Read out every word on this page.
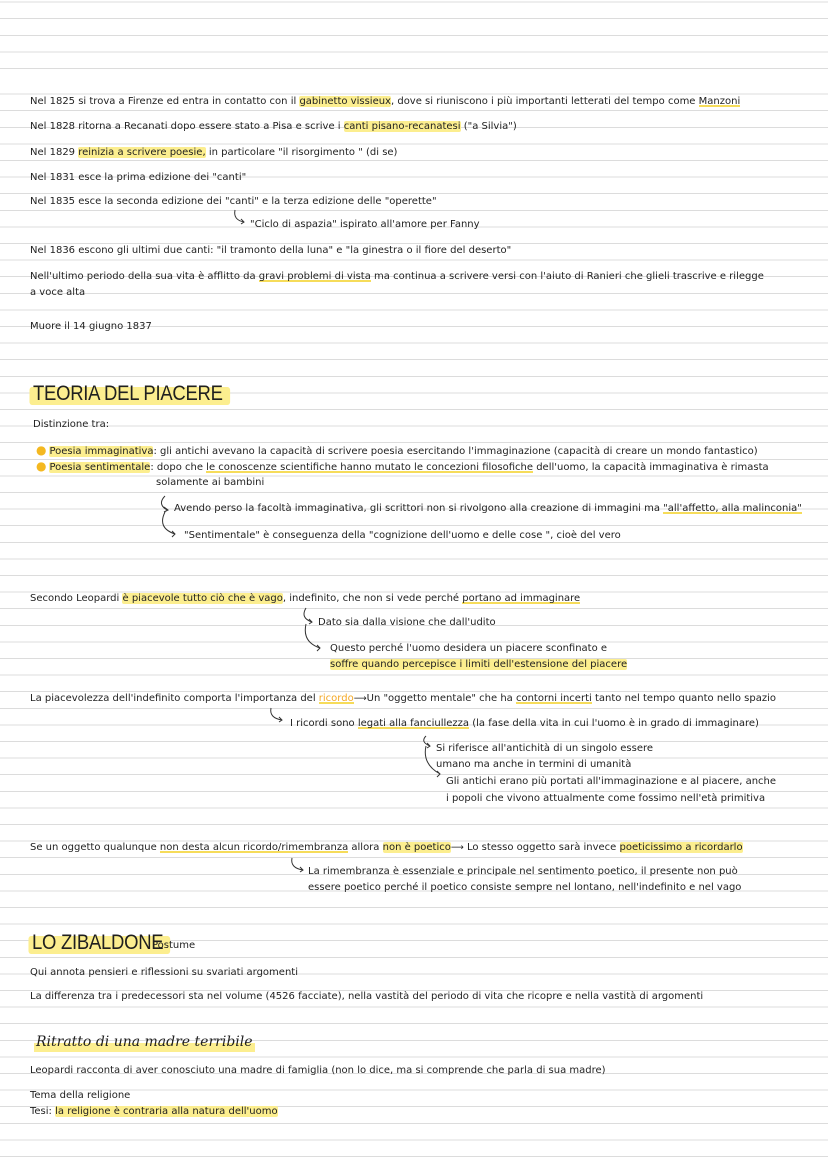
Nel 1825 si trova a Firenze ed entra in contatto con il gabinetto vissieux, dove si riuniscono i più importanti letterati del tempo come Manzoni
Nel 1828 ritorna a Recanati dopo essere stato a Pisa e scrive i canti pisano-recanatesi ("a Silvia")
Nel 1829 reinizia a scrivere poesie, in particolare "il risorgimento " (di se)
Nel 1831 esce la prima edizione dei "canti"
Nel 1835 esce la seconda edizione dei "canti" e la terza edizione delle "operette"
"Ciclo di aspazia" ispirato all'amore per Fanny
Nel 1836 escono gli ultimi due canti: "il tramonto della luna" e "la ginestra o il fiore del deserto"
Nell'ultimo periodo della sua vita è afflitto da gravi problemi di vista ma continua a scrivere versi con l'aiuto di Ranieri che glieli trascrive e rilegge
a voce alta
Muore il 14 giugno 1837
TEORIA DEL PIACERE
Distinzione tra:
● Poesia immaginativa: gli antichi avevano la capacità di scrivere poesia esercitando l'immaginazione (capacità di creare un mondo fantastico)
● Poesia sentimentale: dopo che le conoscenze scientifiche hanno mutato le concezioni filosofiche dell'uomo, la capacità immaginativa è rimasta
solamente ai bambini
Avendo perso la facoltà immaginativa, gli scrittori non si rivolgono alla creazione di immagini ma "all'affetto, alla malinconia"
"Sentimentale" è conseguenza della "cognizione dell'uomo e delle cose ", cioè del vero
Secondo Leopardi è piacevole tutto ciò che è vago, indefinito, che non si vede perché portano ad immaginare
Dato sia dalla visione che dall'udito
Questo perché l'uomo desidera un piacere sconfinato e
soffre quando percepisce i limiti dell'estensione del piacere
La piacevolezza dell'indefinito comporta l'importanza del ricordo⟶Un "oggetto mentale" che ha contorni incerti tanto nel tempo quanto nello spazio
I ricordi sono legati alla fanciullezza (la fase della vita in cui l'uomo è in grado di immaginare)
Si riferisce all'antichità di un singolo essere
umano ma anche in termini di umanità
Gli antichi erano più portati all'immaginazione e al piacere, anche
i popoli che vivono attualmente come fossimo nell'età primitiva
Se un oggetto qualunque non desta alcun ricordo/rimembranza allora non è poetico⟶ Lo stesso oggetto sarà invece poeticissimo a ricordarlo
La rimembranza è essenziale e principale nel sentimento poetico, il presente non può
essere poetico perché il poetico consiste sempre nel lontano, nell'indefinito e nel vago
LO ZIBALDONE
Postume
Qui annota pensieri e riflessioni su svariati argomenti
La differenza tra i predecessori sta nel volume (4526 facciate), nella vastità del periodo di vita che ricopre e nella vastità di argomenti
Ritratto di una madre terribile
Leopardi racconta di aver conosciuto una madre di famiglia (non lo dice, ma si comprende che parla di sua madre)
Tema della religione
Tesi: la religione è contraria alla natura dell'uomo
